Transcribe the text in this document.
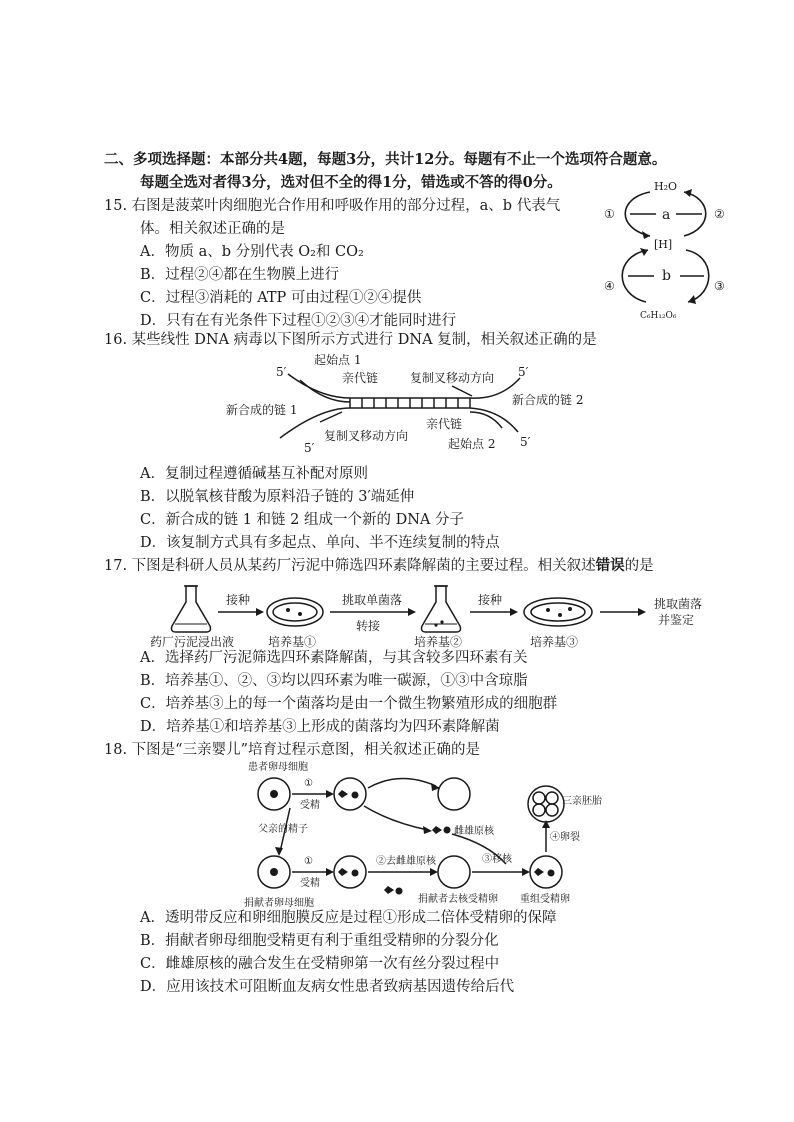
二、多项选择题：本部分共4题，每题3分，共计12分。每题有不止一个选项符合题意。
每题全选对者得3分，选对但不全的得1分，错选或不答的得0分。
15. 右图是菠菜叶肉细胞光合作用和呼吸作用的部分过程，a、b 代表气
体。相关叙述正确的是
A．物质 a、b 分别代表 O₂和 CO₂
B．过程②④都在生物膜上进行
C．过程③消耗的 ATP 可由过程①②④提供
D．只有在有光条件下过程①②③④才能同时进行
H₂O
a
[H]
b
C₆H₁₂O₆
①	②
③
④
16. 某些线性 DNA 病毒以下图所示方式进行 DNA 复制，相关叙述正确的是
起始点 1
5′	亲代链	复制叉移动方向 5′
新合成的链 1
新合成的链 2
亲代链
复制叉移动方向
5′	起始点 2 5′
A．复制过程遵循碱基互补配对原则
B．以脱氧核苷酸为原料沿子链的 3′端延伸
C．新合成的链 1 和链 2 组成一个新的 DNA 分子
D．该复制方式具有多起点、单向、半不连续复制的特点
17. 下图是科研人员从某药厂污泥中筛选四环素降解菌的主要过程。相关叙述错误的是
接种	挑取单菌落
转接
接种	挑取菌落
并鉴定
药厂污泥浸出液	培养基①	培养基②	培养基③
A．选择药厂污泥筛选四环素降解菌，与其含较多四环素有关
B．培养基①、②、③均以四环素为唯一碳源，①③中含琼脂
C．培养基③上的每一个菌落均是由一个微生物繁殖形成的细胞群
D．培养基①和培养基③上形成的菌落均为四环素降解菌
18. 下图是“三亲婴儿”培育过程示意图，相关叙述正确的是
患者卵母细胞
①
受精
父亲的精子	雌雄原核
三亲胚胎
④卵裂
①
受精
②去雌雄原核	③移核
捐献者卵母细胞	捐献者去核受精卵 重组受精卵
A．透明带反应和卵细胞膜反应是过程①形成二倍体受精卵的保障
B．捐献者卵母细胞受精更有利于重组受精卵的分裂分化
C．雌雄原核的融合发生在受精卵第一次有丝分裂过程中
D．应用该技术可阻断血友病女性患者致病基因遗传给后代
